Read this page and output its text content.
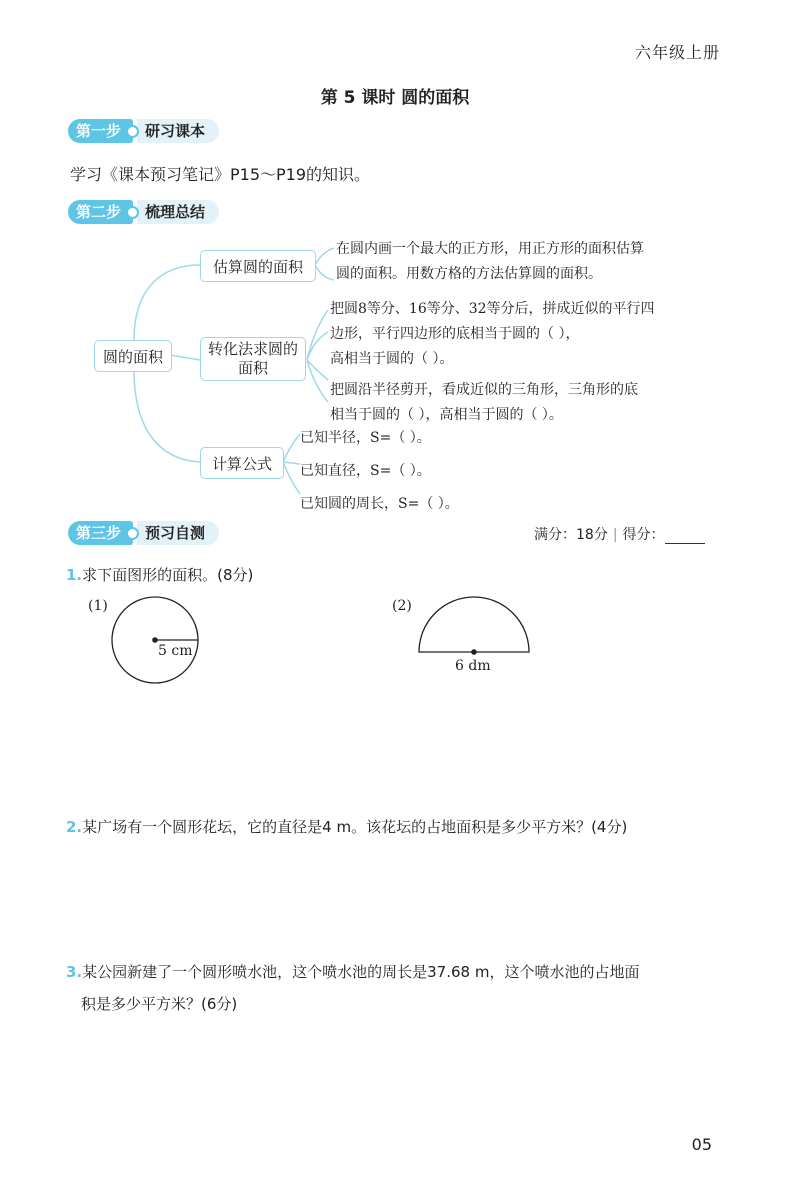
六年级上册
第 5 课时 圆的面积
第一步	研习课本
学习《课本预习笔记》P15～P19的知识。
第二步	梳理总结
圆的面积
估算圆的面积
转化法求圆的面积
计算公式
在圆内画一个最大的正方形，用正方形的面积估算
圆的面积。用数方格的方法估算圆的面积。
把圆8等分、16等分、32等分后，拼成近似的平行四
边形，平行四边形的底相当于圆的（ ），
高相当于圆的（ ）。
把圆沿半径剪开，看成近似的三角形，三角形的底
相当于圆的（ ），高相当于圆的（ ）。
已知半径，S=（ ）。
已知直径，S=（ ）。
已知圆的周长，S=（ ）。
第三步	预习自测	满分：18分 | 得分：
1.求下面图形的面积。(8分)
(1)
5 cm
(2)
6 dm
2.某广场有一个圆形花坛，它的直径是4 m。该花坛的占地面积是多少平方米？(4分)
3.某公园新建了一个圆形喷水池，这个喷水池的周长是37.68 m，这个喷水池的占地面
积是多少平方米？(6分)
05
